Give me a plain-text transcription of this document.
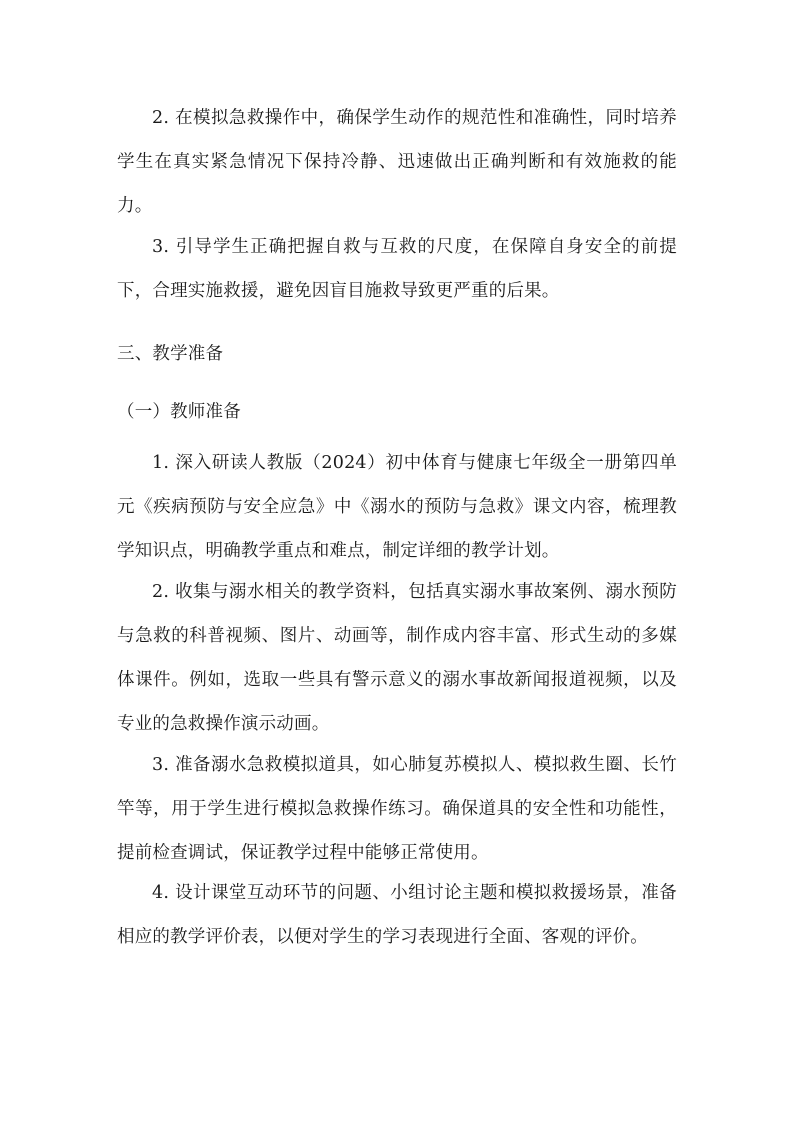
2. 在模拟急救操作中，确保学生动作的规范性和准确性，同时培养学生在真实紧急情况下保持冷静、迅速做出正确判断和有效施救的能力。

3. 引导学生正确把握自救与互救的尺度，在保障自身安全的前提下，合理实施救援，避免因盲目施救导致更严重的后果。

三、教学准备

（一）教师准备

1. 深入研读人教版（2024）初中体育与健康七年级全一册第四单元《疾病预防与安全应急》中《溺水的预防与急救》课文内容，梳理教学知识点，明确教学重点和难点，制定详细的教学计划。

2. 收集与溺水相关的教学资料，包括真实溺水事故案例、溺水预防与急救的科普视频、图片、动画等，制作成内容丰富、形式生动的多媒体课件。例如，选取一些具有警示意义的溺水事故新闻报道视频，以及专业的急救操作演示动画。

3. 准备溺水急救模拟道具，如心肺复苏模拟人、模拟救生圈、长竹竿等，用于学生进行模拟急救操作练习。确保道具的安全性和功能性，提前检查调试，保证教学过程中能够正常使用。

4. 设计课堂互动环节的问题、小组讨论主题和模拟救援场景，准备相应的教学评价表，以便对学生的学习表现进行全面、客观的评价。
